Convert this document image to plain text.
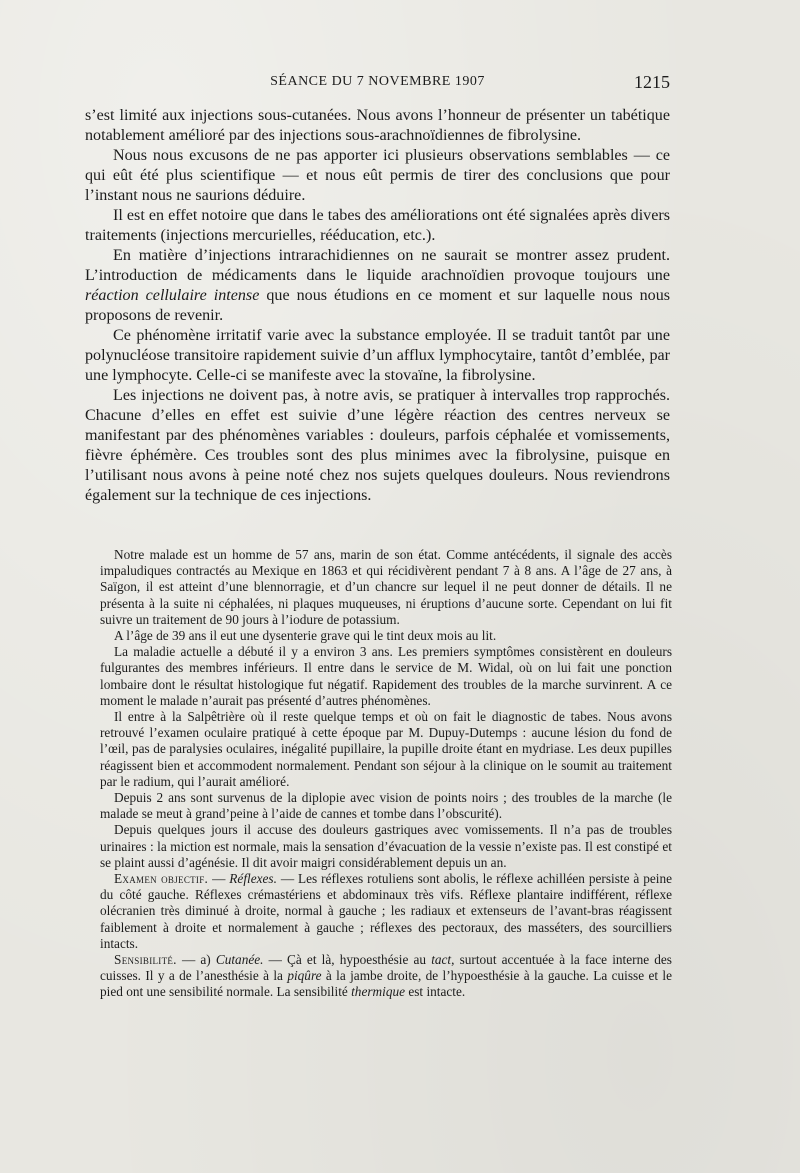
SÉANCE DU 7 NOVEMBRE 1907	1215

s’est limité aux injections sous-cutanées. Nous avons l’honneur de présenter un tabétique notablement amélioré par des injections sous-arachnoïdiennes de fibrolysine.

Nous nous excusons de ne pas apporter ici plusieurs observations semblables — ce qui eût été plus scientifique — et nous eût permis de tirer des conclusions que pour l’instant nous ne saurions déduire.

Il est en effet notoire que dans le tabes des améliorations ont été signalées après divers traitements (injections mercurielles, rééducation, etc.).

En matière d’injections intrarachidiennes on ne saurait se montrer assez prudent. L’introduction de médicaments dans le liquide arachnoïdien provoque toujours une réaction cellulaire intense que nous étudions en ce moment et sur laquelle nous nous proposons de revenir.

Ce phénomène irritatif varie avec la substance employée. Il se traduit tantôt par une polynucléose transitoire rapidement suivie d’un afflux lymphocytaire, tantôt d’emblée, par une lymphocyte. Celle-ci se manifeste avec la stovaïne, la fibrolysine.

Les injections ne doivent pas, à notre avis, se pratiquer à intervalles trop rapprochés. Chacune d’elles en effet est suivie d’une légère réaction des centres nerveux se manifestant par des phénomènes variables : douleurs, parfois céphalée et vomissements, fièvre éphémère. Ces troubles sont des plus minimes avec la fibrolysine, puisque en l’utilisant nous avons à peine noté chez nos sujets quelques douleurs. Nous reviendrons également sur la technique de ces injections.

Notre malade est un homme de 57 ans, marin de son état. Comme antécédents, il signale des accès impaludiques contractés au Mexique en 1863 et qui récidivèrent pendant 7 à 8 ans. A l’âge de 27 ans, à Saïgon, il est atteint d’une blennorragie, et d’un chancre sur lequel il ne peut donner de détails. Il ne présenta à la suite ni céphalées, ni plaques muqueuses, ni éruptions d’aucune sorte. Cependant on lui fit suivre un traitement de 90 jours à l’iodure de potassium.

A l’âge de 39 ans il eut une dysenterie grave qui le tint deux mois au lit.

La maladie actuelle a débuté il y a environ 3 ans. Les premiers symptômes consistèrent en douleurs fulgurantes des membres inférieurs. Il entre dans le service de M. Widal, où on lui fait une ponction lombaire dont le résultat histologique fut négatif. Rapidement des troubles de la marche survinrent. A ce moment le malade n’aurait pas présenté d’autres phénomènes.

Il entre à la Salpêtrière où il reste quelque temps et où on fait le diagnostic de tabes. Nous avons retrouvé l’examen oculaire pratiqué à cette époque par M. Dupuy-Dutemps : aucune lésion du fond de l’œil, pas de paralysies oculaires, inégalité pupillaire, la pupille droite étant en mydriase. Les deux pupilles réagissent bien et accommodent normalement. Pendant son séjour à la clinique on le soumit au traitement par le radium, qui l’aurait amélioré.

Depuis 2 ans sont survenus de la diplopie avec vision de points noirs ; des troubles de la marche (le malade se meut à grand’peine à l’aide de cannes et tombe dans l’obscurité).

Depuis quelques jours il accuse des douleurs gastriques avec vomissements. Il n’a pas de troubles urinaires : la miction est normale, mais la sensation d’évacuation de la vessie n’existe pas. Il est constipé et se plaint aussi d’agénésie. Il dit avoir maigri considérablement depuis un an.

Examen objectif. — Réflexes. — Les réflexes rotuliens sont abolis, le réflexe achilléen persiste à peine du côté gauche. Réflexes crémastériens et abdominaux très vifs. Réflexe plantaire indifférent, réflexe olécranien très diminué à droite, normal à gauche ; les radiaux et extenseurs de l’avant-bras réagissent faiblement à droite et normalement à gauche ; réflexes des pectoraux, des masséters, des sourcilliers intacts.

Sensibilité. — a) Cutanée. — Çà et là, hypoesthésie au tact, surtout accentuée à la face interne des cuisses. Il y a de l’anesthésie à la piqûre à la jambe droite, de l’hypoesthésie à la gauche. La cuisse et le pied ont une sensibilité normale. La sensibilité thermique est intacte.
